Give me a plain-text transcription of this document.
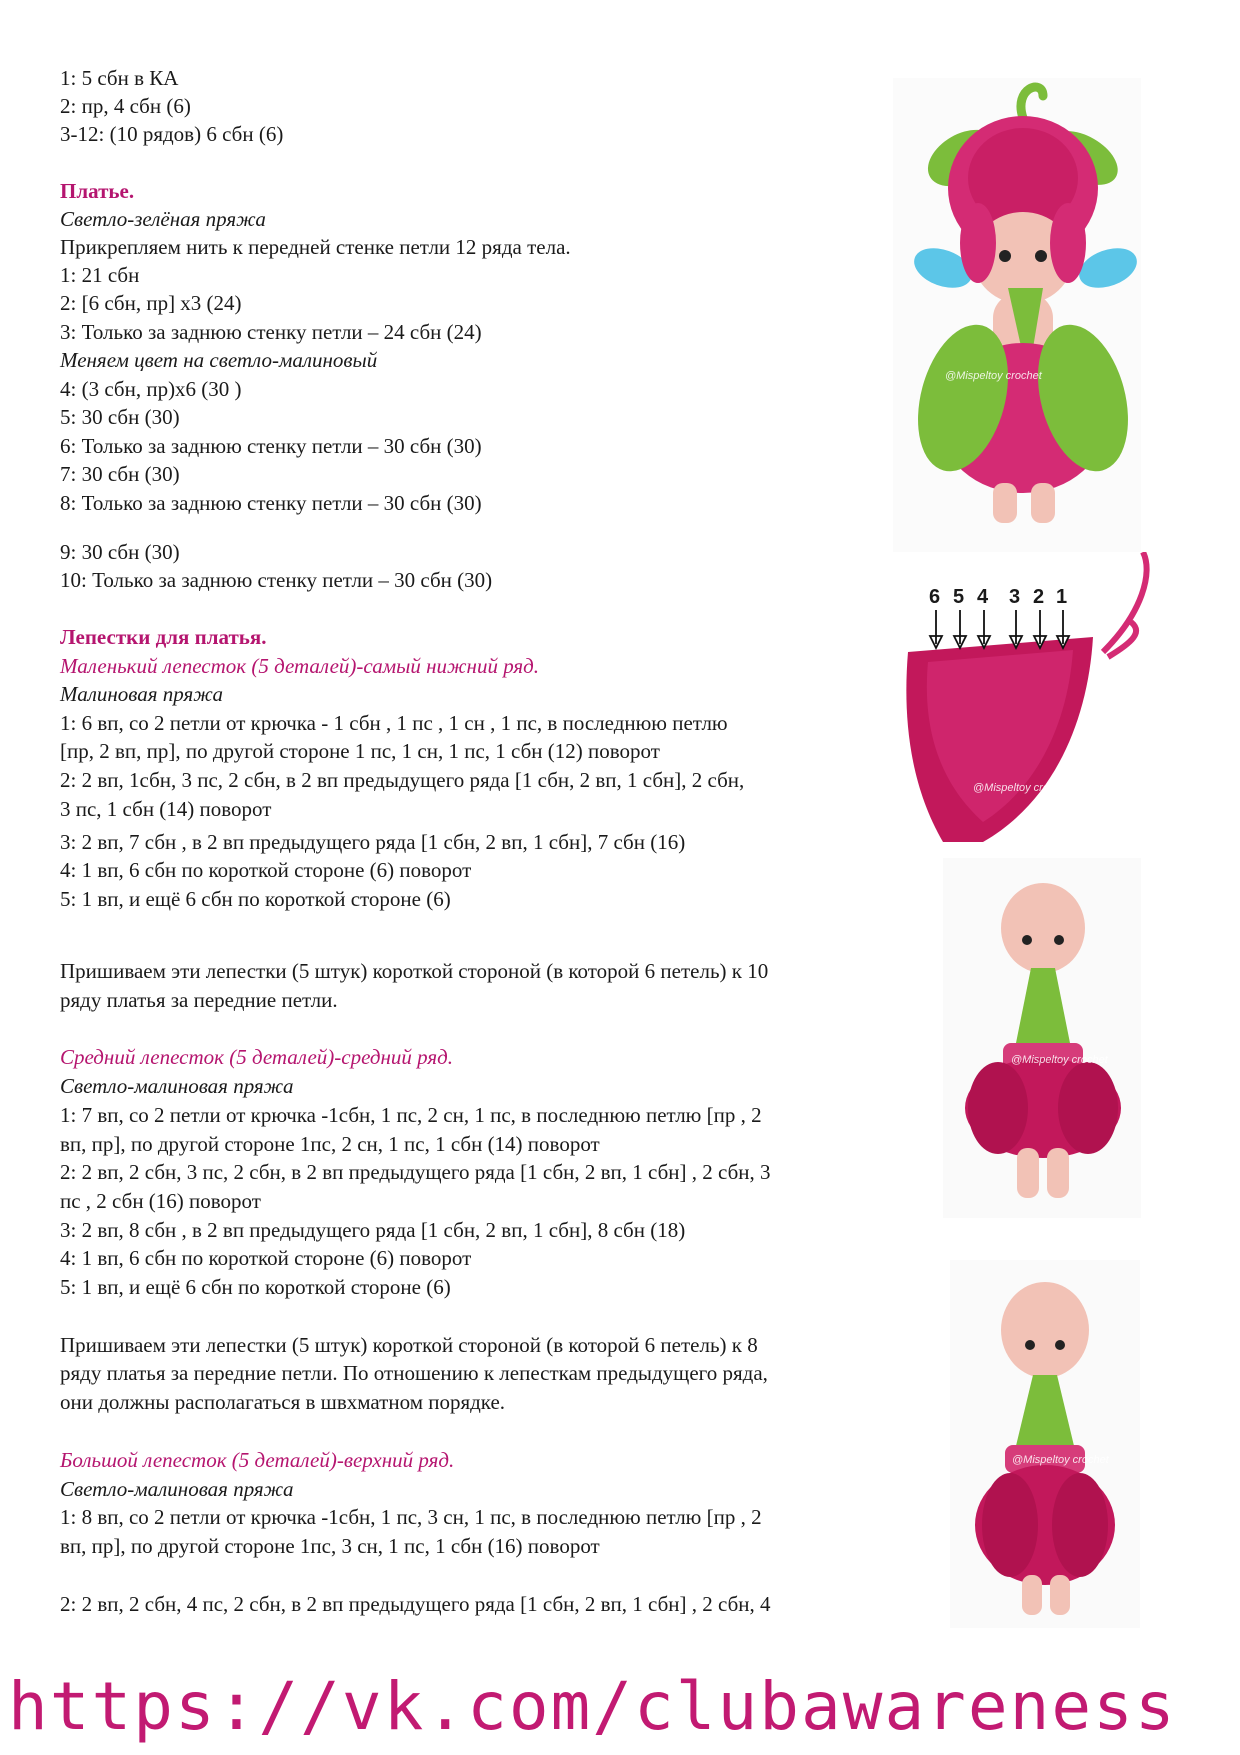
1: 5 сбн в КА
2: пр, 4 сбн (6)
3-12: (10 рядов) 6 сбн (6)
Платье.
Светло-зелёная пряжа
Прикрепляем нить к передней стенке петли 12 ряда тела.
1: 21 сбн
2: [6 сбн, пр] х3 (24)
3: Только за заднюю стенку петли – 24 сбн (24)
Меняем цвет на светло-малиновый
4: (3 сбн, пр)х6 (30 )
5: 30 сбн (30)
6: Только за заднюю стенку петли – 30 сбн (30)
7: 30 сбн (30)
8: Только за заднюю стенку петли – 30 сбн (30)
9: 30 сбн (30)
10: Только за заднюю стенку петли – 30 сбн (30)
Лепестки для платья.
Маленький лепесток (5 деталей)-самый нижний ряд.
Малиновая пряжа
1: 6 вп, со 2 петли от крючка - 1 сбн , 1 пс , 1 сн , 1 пс, в последнюю петлю
[пр, 2 вп, пр], по другой стороне 1 пс, 1 сн, 1 пс, 1 сбн (12) поворот
2: 2 вп, 1сбн, 3 пс, 2 сбн, в 2 вп предыдущего ряда [1 сбн, 2 вп, 1 сбн], 2 сбн,
3 пс, 1 сбн (14) поворот
3: 2 вп, 7 сбн , в 2 вп предыдущего ряда [1 сбн, 2 вп, 1 сбн], 7 сбн (16)
4: 1 вп, 6 сбн по короткой стороне (6) поворот
5: 1 вп, и ещё 6 сбн по короткой стороне (6)
Пришиваем эти лепестки (5 штук) короткой стороной (в которой 6 петель) к 10
ряду платья за передние петли.
Средний лепесток (5 деталей)-средний ряд.
Светло-малиновая пряжа
1: 7 вп, со 2 петли от крючка -1сбн, 1 пс, 2 сн, 1 пс, в последнюю петлю [пр , 2
вп, пр], по другой стороне 1пс, 2 сн, 1 пс, 1 сбн (14) поворот
2: 2 вп, 2 сбн, 3 пс, 2 сбн, в 2 вп предыдущего ряда [1 сбн, 2 вп, 1 сбн] , 2 сбн, 3
пс , 2 сбн (16) поворот
3: 2 вп, 8 сбн , в 2 вп предыдущего ряда [1 сбн, 2 вп, 1 сбн], 8 сбн (18)
4: 1 вп, 6 сбн по короткой стороне (6) поворот
5: 1 вп, и ещё 6 сбн по короткой стороне (6)
Пришиваем эти лепестки (5 штук) короткой стороной (в которой 6 петель) к 8
ряду платья за передние петли. По отношению к лепесткам предыдущего ряда,
они должны располагаться в швхматном порядке.
Большой лепесток (5 деталей)-верхний ряд.
Светло-малиновая пряжа
1: 8 вп, со 2 петли от крючка -1сбн, 1 пс, 3 сн, 1 пс, в последнюю петлю [пр , 2
вп, пр], по другой стороне 1пс, 3 сн, 1 пс, 1 сбн (16) поворот
2: 2 вп, 2 сбн, 4 пс, 2 сбн, в 2 вп предыдущего ряда [1 сбн, 2 вп, 1 сбн] , 2 сбн, 4
@Mispeltoy crochet
6 5 4 3 2 1
@Mispeltoy crochet
@Mispeltoy crochet
@Mispeltoy crochet
https://vk.com/clubawareness
